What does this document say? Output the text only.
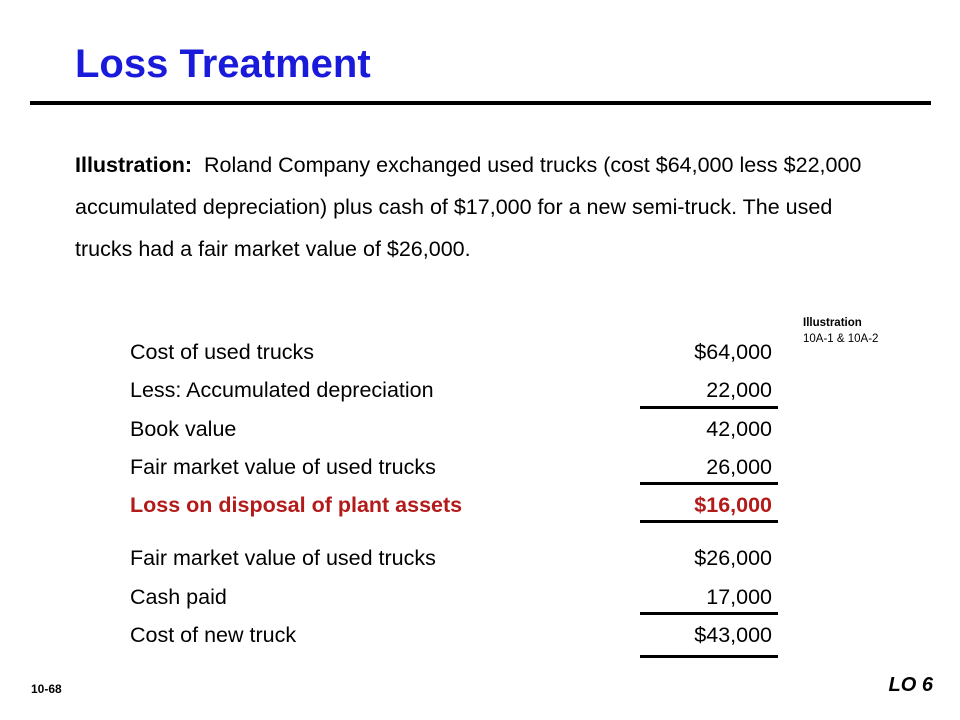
Loss Treatment

Illustration: Roland Company exchanged used trucks (cost $64,000 less $22,000 accumulated depreciation) plus cash of $17,000 for a new semi-truck. The used trucks had a fair market value of $26,000.

Illustration
10A-1 & 10A-2
Cost of used trucks	$64,000
Less: Accumulated depreciation	22,000
Book value	42,000
Fair market value of used trucks	26,000
Loss on disposal of plant assets	$16,000
Fair market value of used trucks	$26,000
Cash paid	17,000
Cost of new truck	$43,000
10-68	LO 6
